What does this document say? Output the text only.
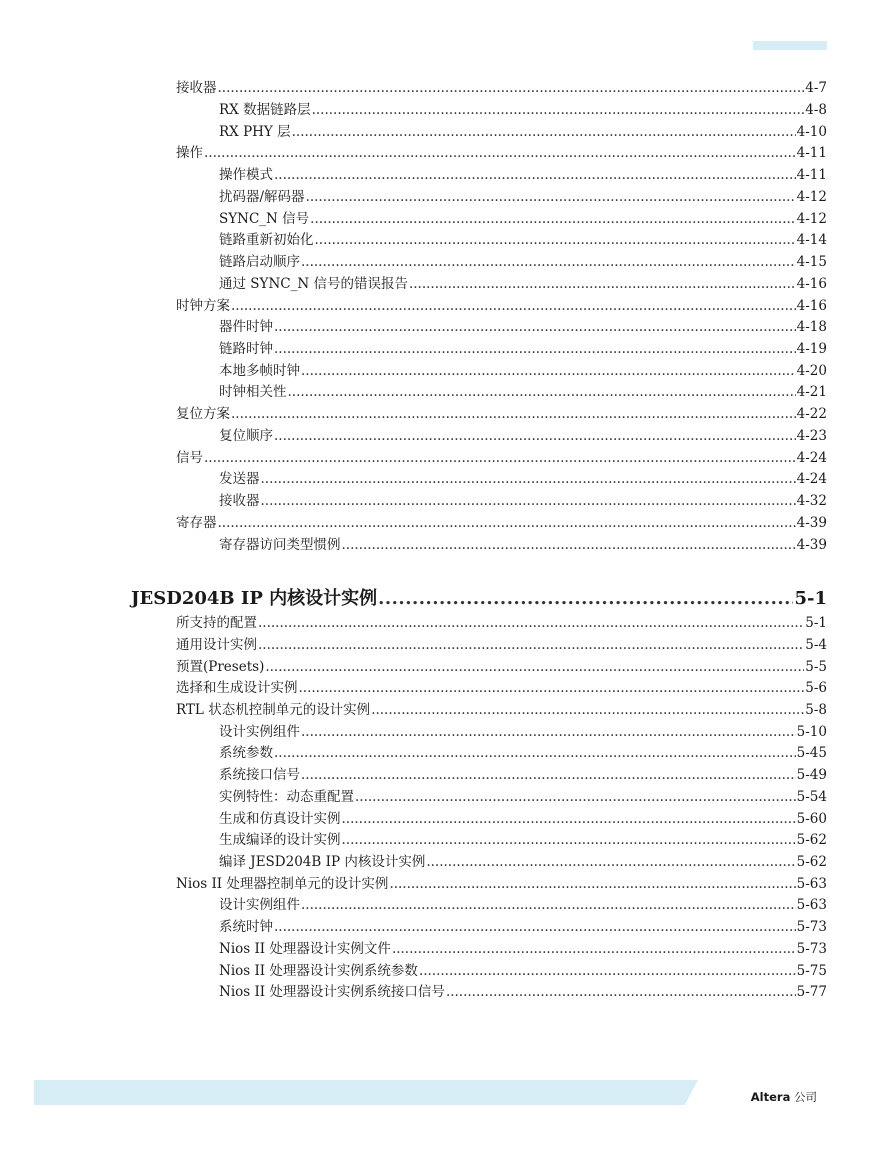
接收器 .....	4-7
RX 数据链路层 .....	4-8
RX PHY 层 .....	4-10
操作 .....	4-11
操作模式 .....	4-11
扰码器/解码器 .....	4-12
SYNC_N 信号 .....	4-12
链路重新初始化 .....	4-14
链路启动顺序 .....	4-15
通过 SYNC_N 信号的错误报告 .....	4-16
时钟方案 .....	4-16
器件时钟 .....	4-18
链路时钟 .....	4-19
本地多帧时钟 .....	4-20
时钟相关性 .....	4-21
复位方案 .....	4-22
复位顺序 .....	4-23
信号 .....	4-24
发送器 .....	4-24
接收器 .....	4-32
寄存器 .....	4-39
寄存器访问类型惯例 .....	4-39
JESD204B IP 内核设计实例 .....	5-1
所支持的配置 .....	5-1
通用设计实例 .....	5-4
预置(Presets) .....	5-5
选择和生成设计实例 .....	5-6
RTL 状态机控制单元的设计实例 .....	5-8
设计实例组件 .....	5-10
系统参数 .....	5-45
系统接口信号 .....	5-49
实例特性：动态重配置 .....	5-54
生成和仿真设计实例 .....	5-60
生成编译的设计实例 .....	5-62
编译 JESD204B IP 内核设计实例 .....	5-62
Nios II 处理器控制单元的设计实例 .....	5-63
设计实例组件 .....	5-63
系统时钟 .....	5-73
Nios II 处理器设计实例文件 .....	5-73
Nios II 处理器设计实例系统参数 .....	5-75
Nios II 处理器设计实例系统接口信号 .....	5-77
Altera 公司
